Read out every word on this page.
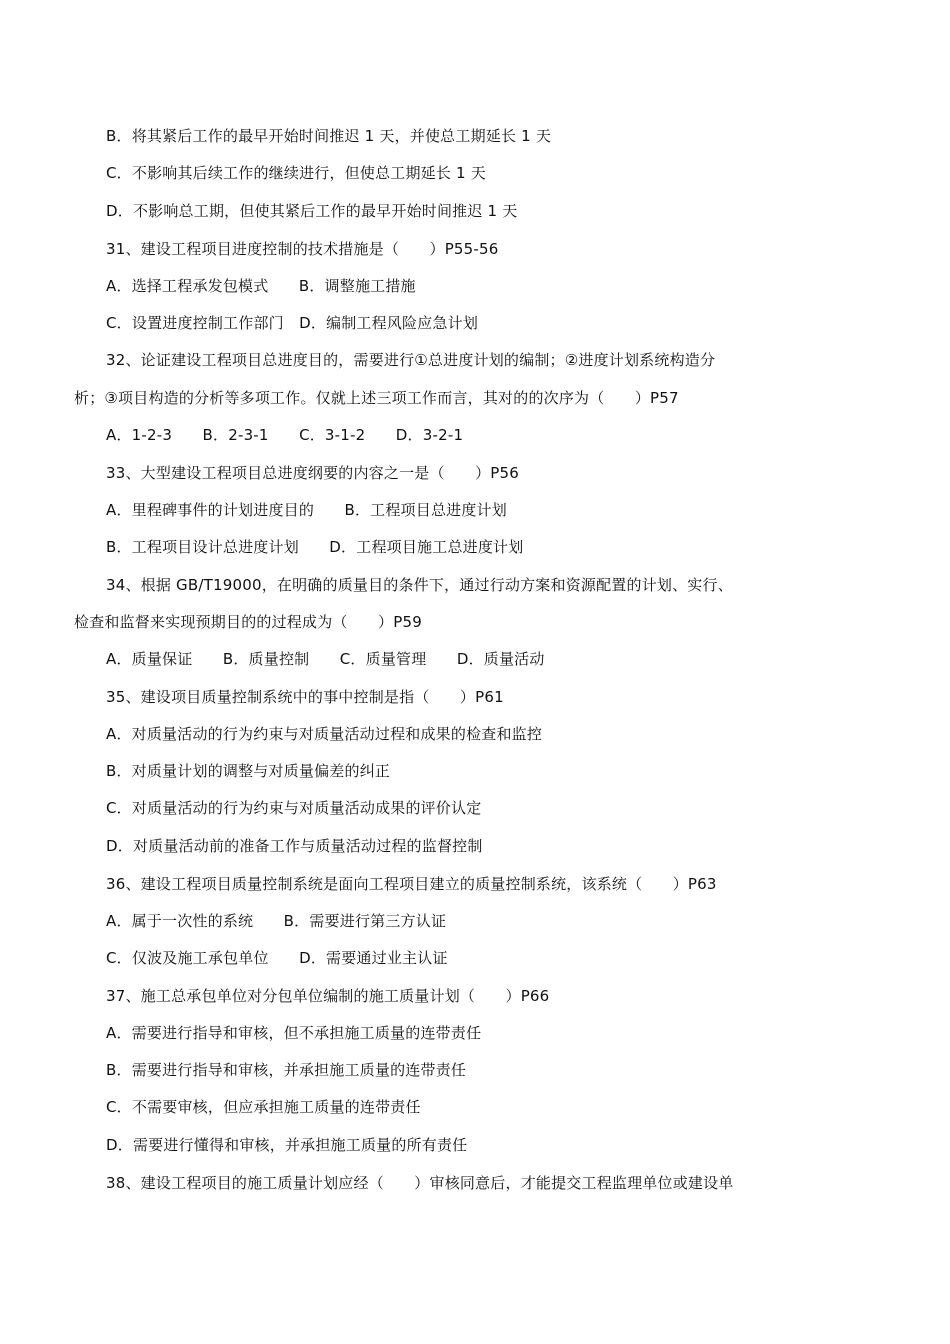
B．将其紧后工作的最早开始时间推迟 1 天，并使总工期延长 1 天
C．不影响其后续工作的继续进行，但使总工期延长 1 天
D．不影响总工期，但使其紧后工作的最早开始时间推迟 1 天
31、建设工程项目进度控制的技术措施是（　　）P55-56
A．选择工程承发包模式　　B．调整施工措施
C．设置进度控制工作部门　D．编制工程风险应急计划
32、论证建设工程项目总进度目的，需要进行①总进度计划的编制；②进度计划系统构造分
析；③项目构造的分析等多项工作。仅就上述三项工作而言，其对的的次序为（　　）P57
A．1-2-3　　B．2-3-1　　C．3-1-2　　D．3-2-1
33、大型建设工程项目总进度纲要的内容之一是（　　）P56
A．里程碑事件的计划进度目的　　B．工程项目总进度计划
B．工程项目设计总进度计划　　D．工程项目施工总进度计划
34、根据 GB/T19000，在明确的质量目的条件下，通过行动方案和资源配置的计划、实行、
检查和监督来实现预期目的的过程成为（　　）P59
A．质量保证　　B．质量控制　　C．质量管理　　D．质量活动
35、建设项目质量控制系统中的事中控制是指（　　）P61
A．对质量活动的行为约束与对质量活动过程和成果的检查和监控
B．对质量计划的调整与对质量偏差的纠正
C．对质量活动的行为约束与对质量活动成果的评价认定
D．对质量活动前的准备工作与质量活动过程的监督控制
36、建设工程项目质量控制系统是面向工程项目建立的质量控制系统，该系统（　　）P63
A．属于一次性的系统　　B．需要进行第三方认证
C．仅波及施工承包单位　　D．需要通过业主认证
37、施工总承包单位对分包单位编制的施工质量计划（　　）P66
A．需要进行指导和审核，但不承担施工质量的连带责任
B．需要进行指导和审核，并承担施工质量的连带责任
C．不需要审核，但应承担施工质量的连带责任
D．需要进行懂得和审核，并承担施工质量的所有责任
38、建设工程项目的施工质量计划应经（　　）审核同意后，才能提交工程监理单位或建设单
